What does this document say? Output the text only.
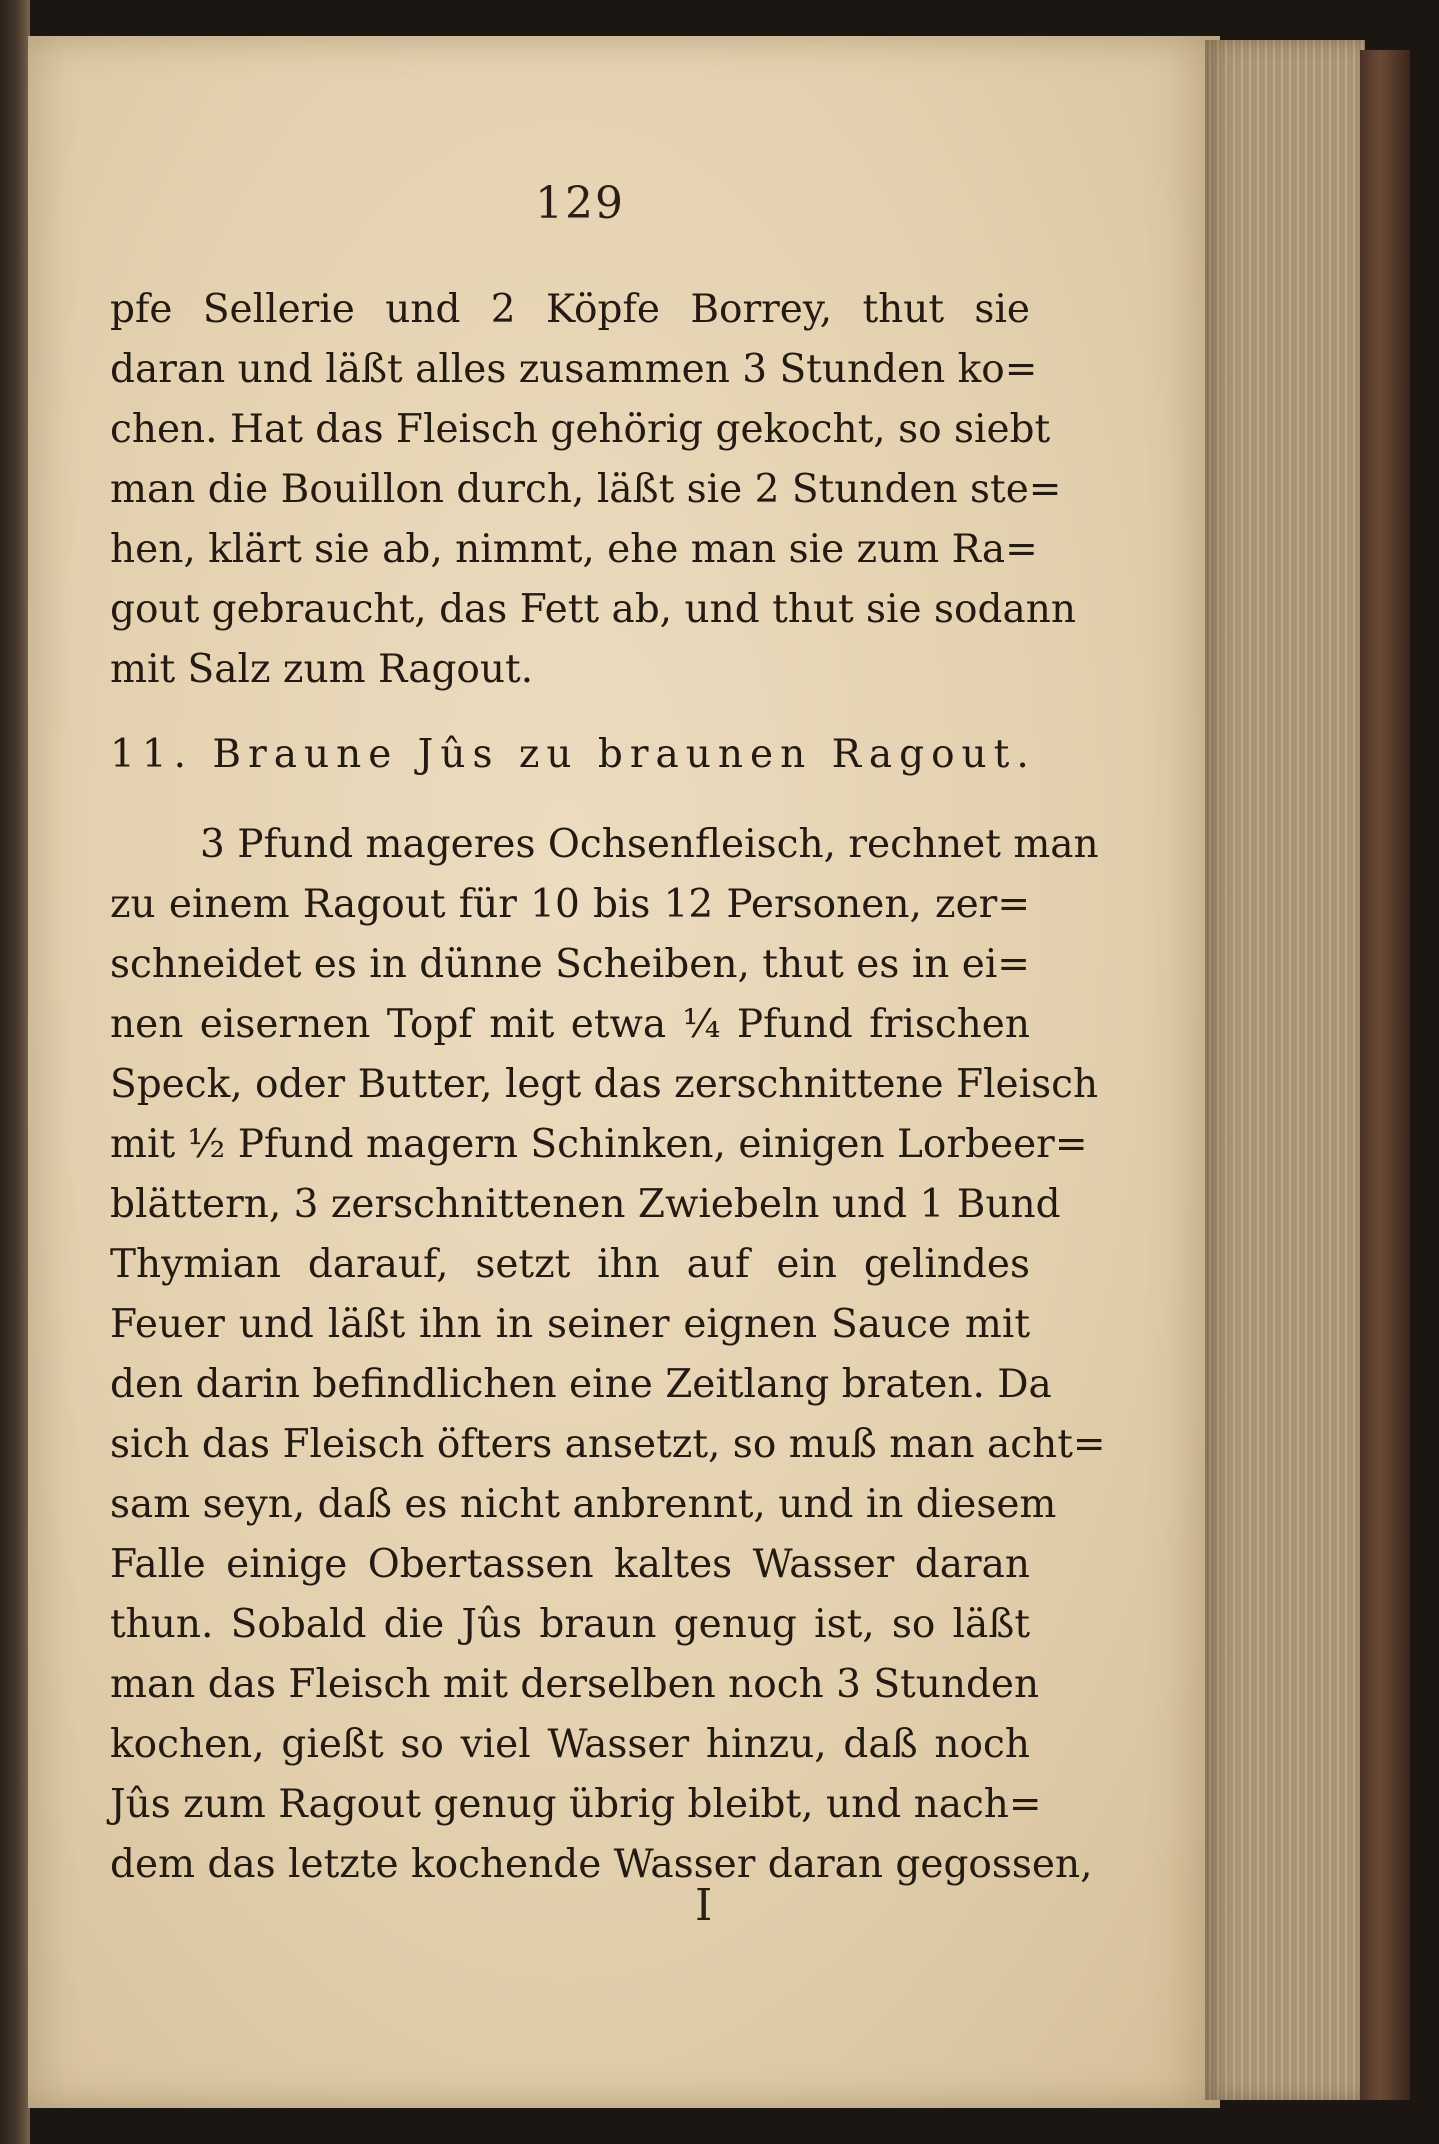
129
pfe Sellerie und 2 Köpfe Borrey, thut sie
daran und läßt alles zusammen 3 Stunden ko=
chen. Hat das Fleisch gehörig gekocht, so siebt
man die Bouillon durch, läßt sie 2 Stunden ste=
hen, klärt sie ab, nimmt, ehe man sie zum Ra=
gout gebraucht, das Fett ab, und thut sie sodann
mit Salz zum Ragout.
11. Braune Jûs zu braunen Ragout.
3 Pfund mageres Ochsenfleisch, rechnet man
zu einem Ragout für 10 bis 12 Personen, zer=
schneidet es in dünne Scheiben, thut es in ei=
nen eisernen Topf mit etwa ¼ Pfund frischen
Speck, oder Butter, legt das zerschnittene Fleisch
mit ½ Pfund magern Schinken, einigen Lorbeer=
blättern, 3 zerschnittenen Zwiebeln und 1 Bund
Thymian darauf, setzt ihn auf ein gelindes
Feuer und läßt ihn in seiner eignen Sauce mit
den darin befindlichen eine Zeitlang braten. Da
sich das Fleisch öfters ansetzt, so muß man acht=
sam seyn, daß es nicht anbrennt, und in diesem
Falle einige Obertassen kaltes Wasser daran
thun. Sobald die Jûs braun genug ist, so läßt
man das Fleisch mit derselben noch 3 Stunden
kochen, gießt so viel Wasser hinzu, daß noch
Jûs zum Ragout genug übrig bleibt, und nach=
dem das letzte kochende Wasser daran gegossen,
I
